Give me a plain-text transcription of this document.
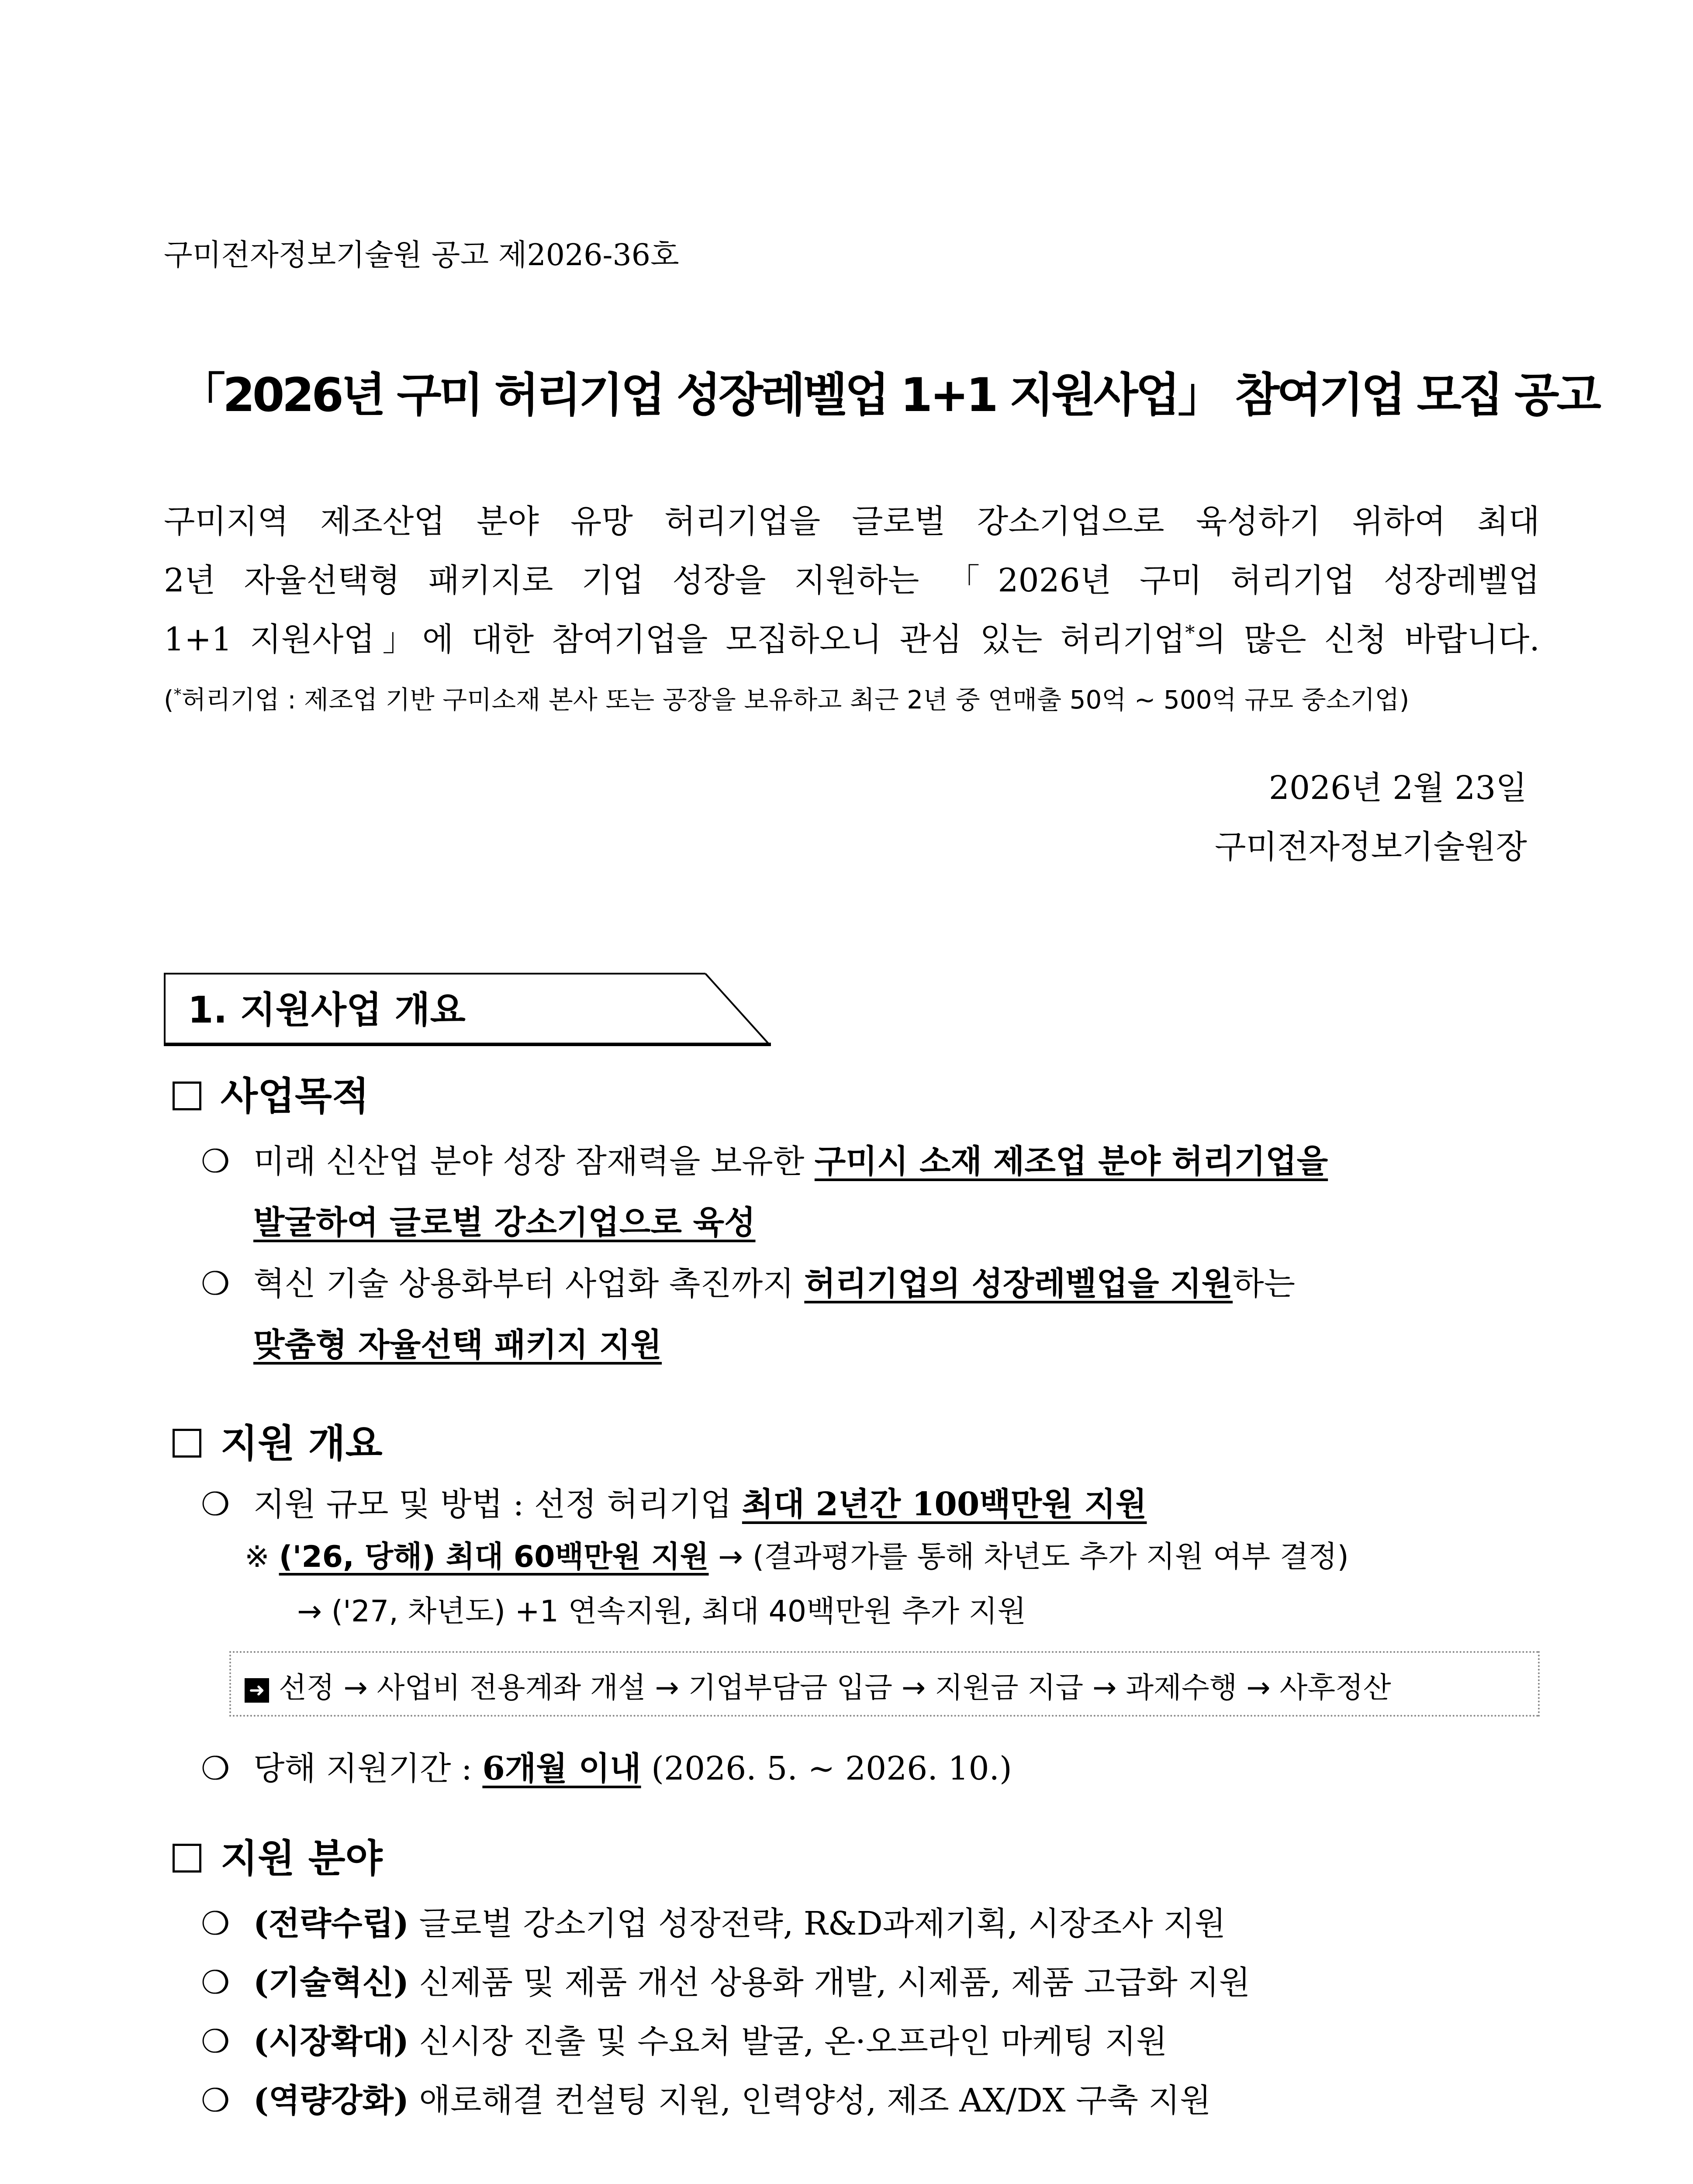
구미전자정보기술원 공고 제2026-36호
「2026년 구미 허리기업 성장레벨업 1+1 지원사업」 참여기업 모집 공고
구미지역 제조산업 분야 유망 허리기업을 글로벌 강소기업으로 육성하기 위하여 최대
2년 자율선택형 패키지로 기업 성장을 지원하는 「2026년 구미 허리기업 성장레벨업
1+1 지원사업」에 대한 참여기업을 모집하오니 관심 있는 허리기업*의 많은 신청 바랍니다.
(*허리기업 : 제조업 기반 구미소재 본사 또는 공장을 보유하고 최근 2년 중 연매출 50억 ~ 500억 규모 중소기업)
2026년 2월 23일
구미전자정보기술원장
1. 지원사업 개요
사업목적
❍ 미래 신산업 분야 성장 잠재력을 보유한 구미시 소재 제조업 분야 허리기업을
발굴하여 글로벌 강소기업으로 육성
❍ 혁신 기술 상용화부터 사업화 촉진까지 허리기업의 성장레벨업을 지원하는
맞춤형 자율선택 패키지 지원
지원 개요
❍ 지원 규모 및 방법 : 선정 허리기업 최대 2년간 100백만원 지원
※ ('26, 당해) 최대 60백만원 지원 → (결과평가를 통해 차년도 추가 지원 여부 결정)
→ ('27, 차년도) +1 연속지원, 최대 40백만원 추가 지원
➜ 선정 → 사업비 전용계좌 개설 → 기업부담금 입금 → 지원금 지급 → 과제수행 → 사후정산
❍ 당해 지원기간 : 6개월 이내 (2026. 5. ~ 2026. 10.)
지원 분야
❍ (전략수립) 글로벌 강소기업 성장전략, R&D과제기획, 시장조사 지원
❍ (기술혁신) 신제품 및 제품 개선 상용화 개발, 시제품, 제품 고급화 지원
❍ (시장확대) 신시장 진출 및 수요처 발굴, 온·오프라인 마케팅 지원
❍ (역량강화) 애로해결 컨설팅 지원, 인력양성, 제조 AX/DX 구축 지원
